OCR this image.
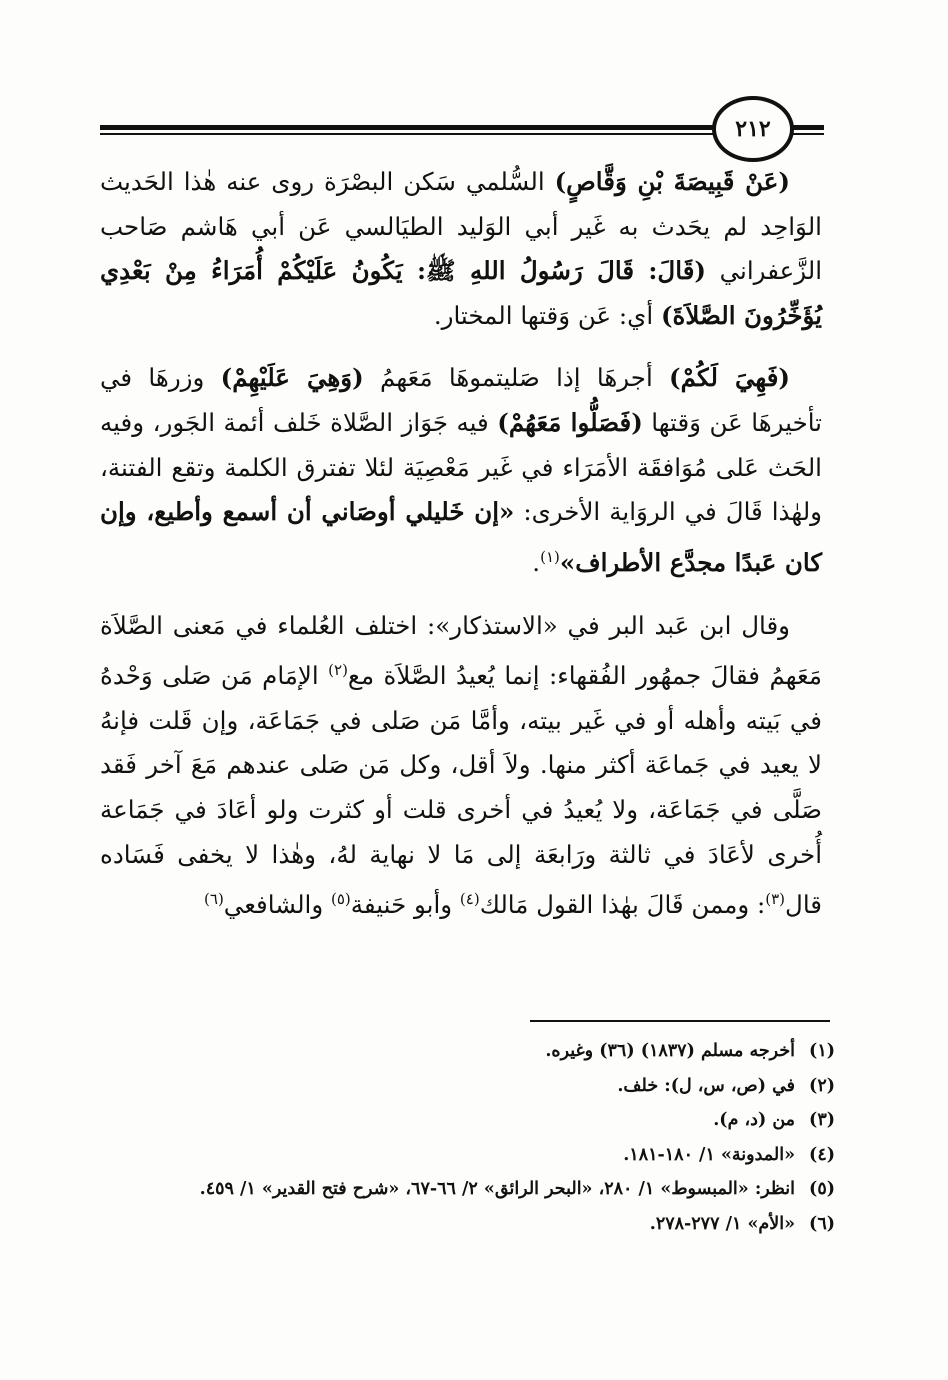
٢١٢

(عَنْ قَبِيصَةَ بْنِ وَقَّاصٍ) السُّلمي سَكن البصْرَة روى عنه هٰذا الحَديث الوَاحِد لم يحَدث به غَير أبي الوَليد الطيَالسي عَن أبي هَاشم صَاحب الزَّعفراني (قَالَ: قَالَ رَسُولُ اللهِ ﷺ: يَكُونُ عَلَيْكُمْ أُمَرَاءُ مِنْ بَعْدِي يُؤَخِّرُونَ الصَّلاَةَ) أي: عَن وَقتها المختار.

(فَهِيَ لَكُمْ) أجرهَا إذا صَليتموهَا مَعَهمُ (وَهِيَ عَلَيْهِمْ) وزرهَا في تأخيرهَا عَن وَقتها (فَصَلُّوا مَعَهُمْ) فيه جَوَاز الصَّلاة خَلف أئمة الجَور، وفيه الحَث عَلى مُوَافقَة الأمَرَاء في غَير مَعْصِيَة لئلا تفترق الكلمة وتقع الفتنة، ولهٰذا قَالَ في الروَاية الأخرى: «إن خَليلي أوصَاني أن أسمع وأطيع، وإن كان عَبدًا مجدَّع الأطراف»$^{(١)}$.

وقال ابن عَبد البر في «الاستذكار»: اختلف العُلماء في مَعنى الصَّلاَة مَعَهمُ فقالَ جمهُور الفُقهاء: إنما يُعيدُ الصَّلاَة مع$^{(٢)}$ الإمَام مَن صَلى وَحْدهُ في بَيته وأهله أو في غَير بيته، وأمَّا مَن صَلى في جَمَاعَة، وإن قَلت فإنهُ لا يعيد في جَماعَة أكثر منها. ولاَ أقل، وكل مَن صَلى عندهم مَعَ آخر فَقد صَلَّى في جَمَاعَة، ولا يُعيدُ في أخرى قلت أو كثرت ولو أعَادَ في جَمَاعة أُخرى لأعَادَ في ثالثة ورَابعَة إلى مَا لا نهاية لهُ، وهٰذا لا يخفى فَسَاده قال$^{(٣)}$: وممن قَالَ بهٰذا القول مَالك$^{(٤)}$ وأبو حَنيفة$^{(٥)}$ والشافعي$^{(٦)}$

(١)
أخرجه مسلم (١٨٣٧) (٣٦) وغيره.
(٢)
في (ص، س، ل): خلف.
(٣)
من (د، م).
(٤)
«المدونة» ١/ ١٨٠-١٨١.
(٥)
انظر: «المبسوط» ١/ ٢٨٠، «البحر الرائق» ٢/ ٦٦-٦٧، «شرح فتح القدير» ١/ ٤٥٩.
(٦)
«الأم» ١/ ٢٧٧-٢٧٨.
